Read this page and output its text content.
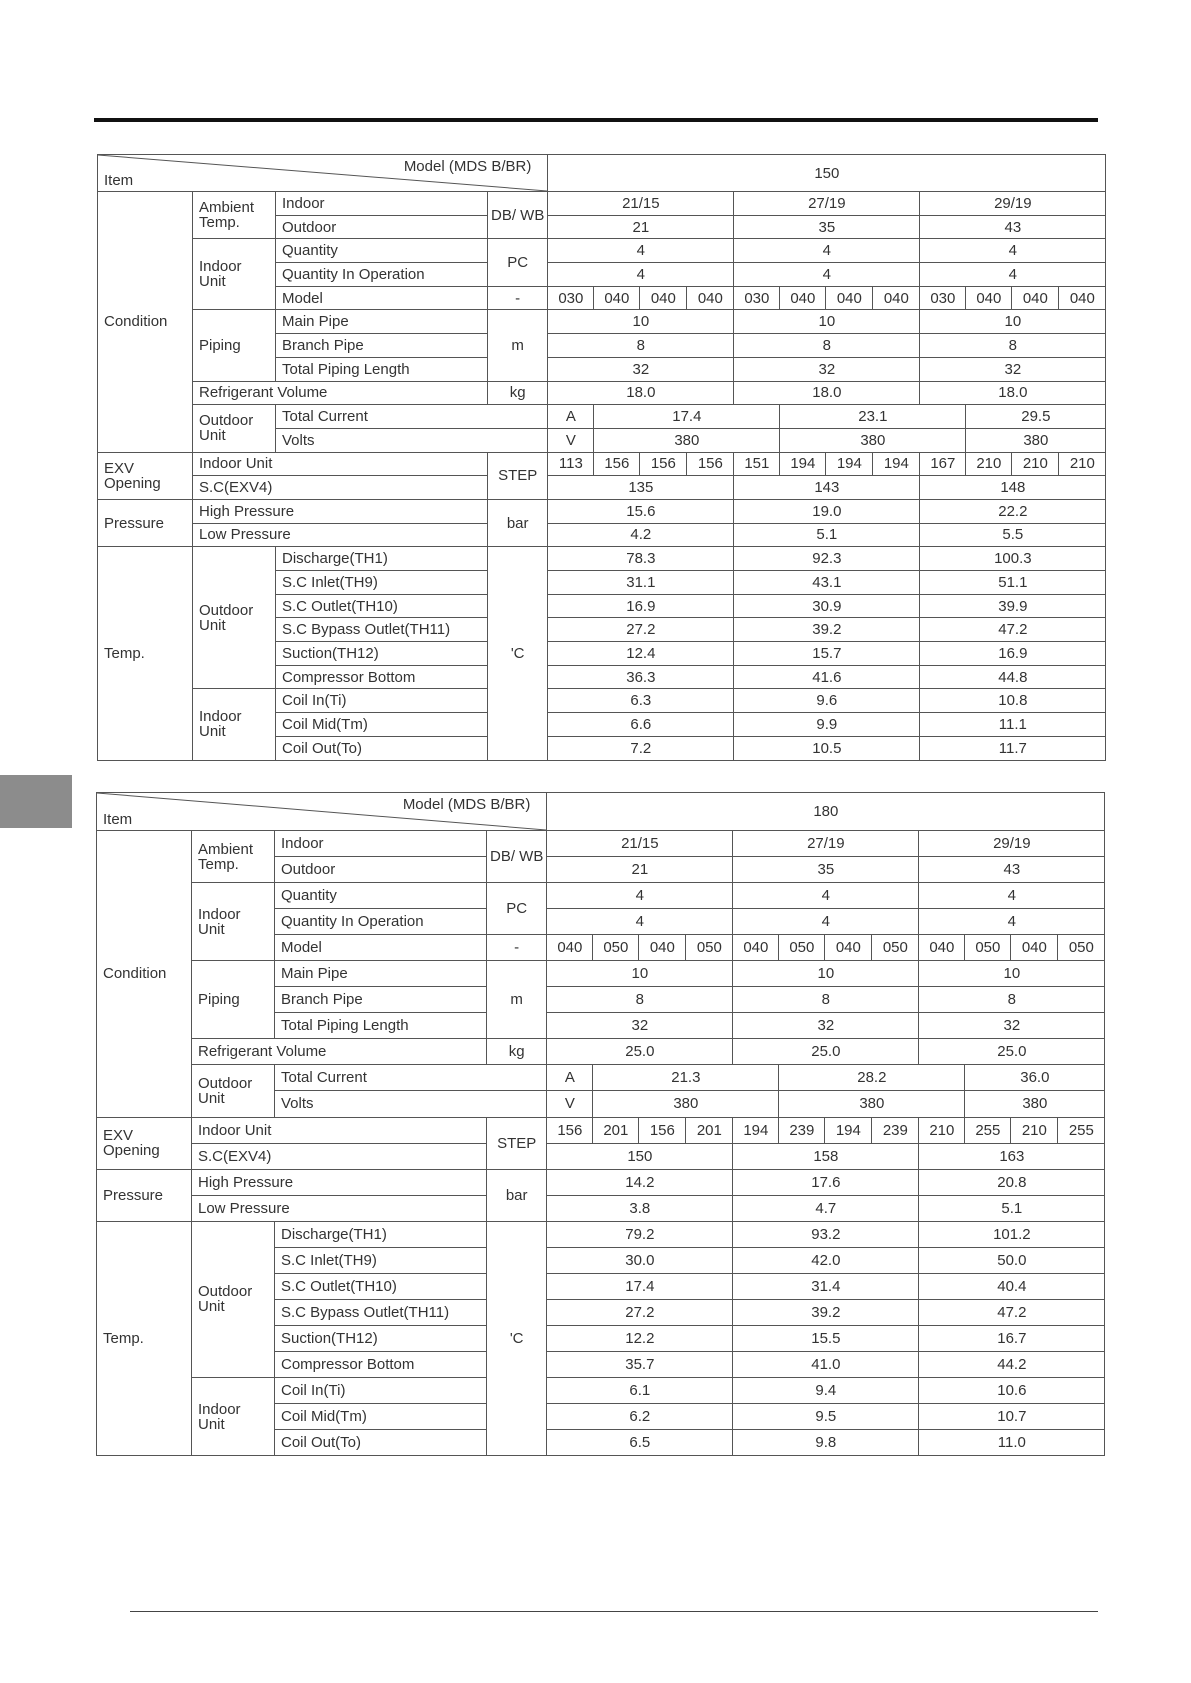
Model (MDS B/BR)
Item				150											
Condition	Ambient
Temp.	Indoor	DB/ WB	21/15				27/19				29/19			
		Outdoor		21				35				43			

	Indoor
Unit	Quantity	PC	4				4				4			
		Quantity In Operation		4				4				4			
		Model	-	030	040	040	040	030	040	040	040	030	040	040	040
	Piping	Main Pipe	m	10				10				10			
		Branch Pipe		8				8				8			
		Total Piping Length		32				32				32			
	Refrigerant Volume		kg	18.0				18.0				18.0			

	Outdoor
Unit	Total Current		A	17.4				23.1				29.5		
		Volts		V	380				380				380		

EXV
Opening	Indoor Unit		STEP	113	156	156	156	151	194	194	194	167	210	210	210
	S.C(EXV4)			135				143				148			
Pressure	High Pressure		bar	15.6				19.0				22.2			
	Low Pressure			4.2				5.1				5.5			
Temp.	Outdoor
Unit	Discharge(TH1)	'C	78.3				92.3				100.3			
		S.C Inlet(TH9)		31.1				43.1				51.1			
		S.C Outlet(TH10)		16.9				30.9				39.9			
		S.C Bypass Outlet(TH11)		27.2				39.2				47.2			
		Suction(TH12)		12.4				15.7				16.9			
		Compressor Bottom		36.3				41.6				44.8			

	Indoor
Unit	Coil In(Ti)		6.3				9.6				10.8			
		Coil Mid(Tm)		6.6				9.9				11.1			
		Coil Out(To)		7.2				10.5				11.7			
Model (MDS B/BR)
Item				180											
Condition	Ambient
Temp.	Indoor	DB/ WB	21/15				27/19				29/19			
		Outdoor		21				35				43			

	Indoor
Unit	Quantity	PC	4				4				4			
		Quantity In Operation		4				4				4			
		Model	-	040	050	040	050	040	050	040	050	040	050	040	050
	Piping	Main Pipe	m	10				10				10			
		Branch Pipe		8				8				8			
		Total Piping Length		32				32				32			
	Refrigerant Volume		kg	25.0				25.0				25.0			

	Outdoor
Unit	Total Current		A	21.3				28.2				36.0		
		Volts		V	380				380				380		

EXV
Opening	Indoor Unit		STEP	156	201	156	201	194	239	194	239	210	255	210	255
	S.C(EXV4)			150				158				163			
Pressure	High Pressure		bar	14.2				17.6				20.8			
	Low Pressure			3.8				4.7				5.1			
Temp.	Outdoor
Unit	Discharge(TH1)	'C	79.2				93.2				101.2			
		S.C Inlet(TH9)		30.0				42.0				50.0			
		S.C Outlet(TH10)		17.4				31.4				40.4			
		S.C Bypass Outlet(TH11)		27.2				39.2				47.2			
		Suction(TH12)		12.2				15.5				16.7			
		Compressor Bottom		35.7				41.0				44.2			

	Indoor
Unit	Coil In(Ti)		6.1				9.4				10.6			
		Coil Mid(Tm)		6.2				9.5				10.7			
		Coil Out(To)		6.5				9.8				11.0			
